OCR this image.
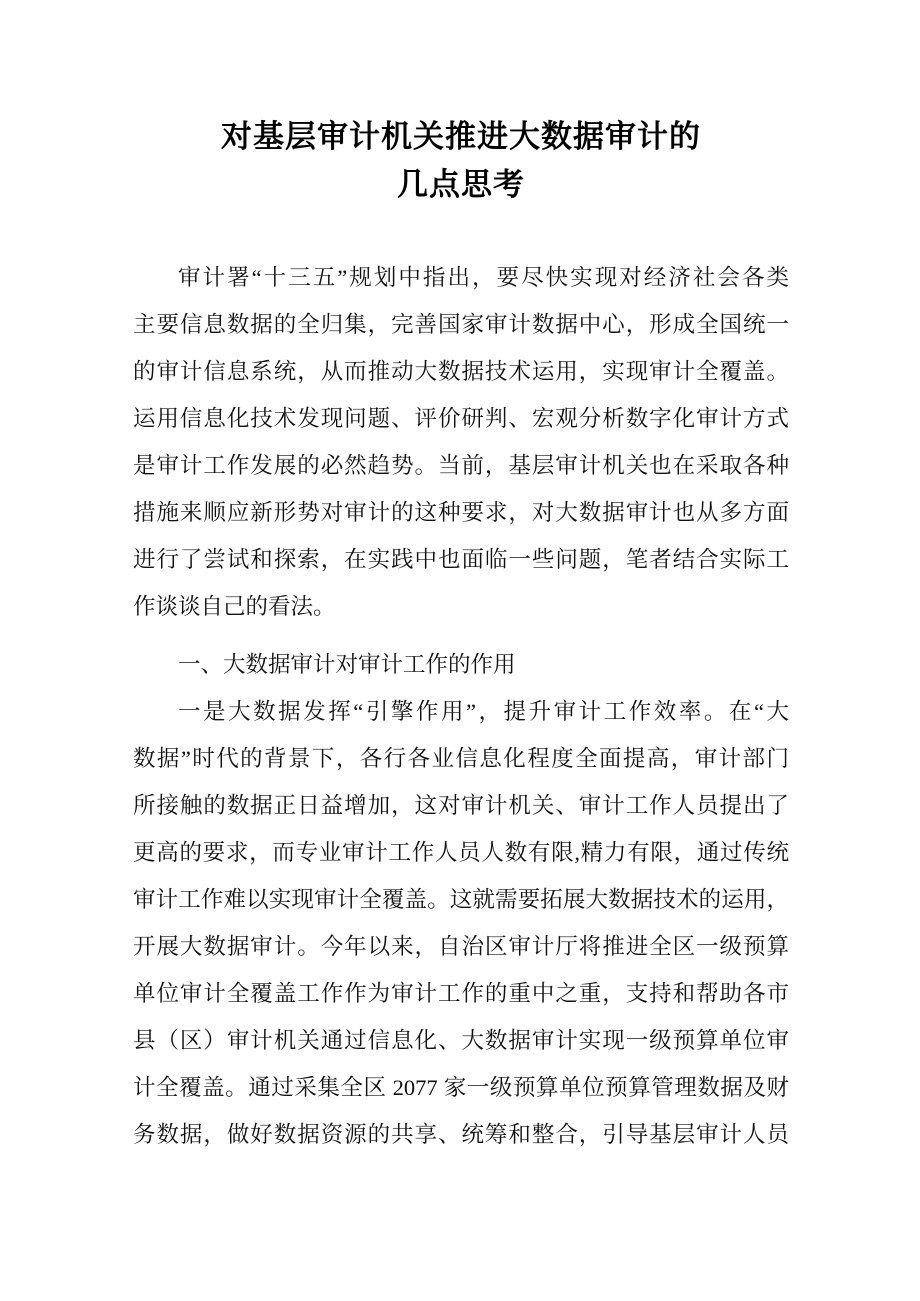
对基层审计机关推进大数据审计的
几点思考
审计署“十三五”规划中指出，要尽快实现对经济社会各类
主要信息数据的全归集，完善国家审计数据中心，形成全国统一
的审计信息系统，从而推动大数据技术运用，实现审计全覆盖。
运用信息化技术发现问题、评价研判、宏观分析数字化审计方式
是审计工作发展的必然趋势。当前，基层审计机关也在采取各种
措施来顺应新形势对审计的这种要求，对大数据审计也从多方面
进行了尝试和探索，在实践中也面临一些问题，笔者结合实际工
作谈谈自己的看法。
一、大数据审计对审计工作的作用
一是大数据发挥“引擎作用”，提升审计工作效率。在“大
数据”时代的背景下，各行各业信息化程度全面提高，审计部门
所接触的数据正日益增加，这对审计机关、审计工作人员提出了
更高的要求，而专业审计工作人员人数有限,精力有限，通过传统
审计工作难以实现审计全覆盖。这就需要拓展大数据技术的运用，
开展大数据审计。今年以来，自治区审计厅将推进全区一级预算
单位审计全覆盖工作作为审计工作的重中之重，支持和帮助各市
县（区）审计机关通过信息化、大数据审计实现一级预算单位审
计全覆盖。通过采集全区 2077 家一级预算单位预算管理数据及财
务数据，做好数据资源的共享、统筹和整合，引导基层审计人员
